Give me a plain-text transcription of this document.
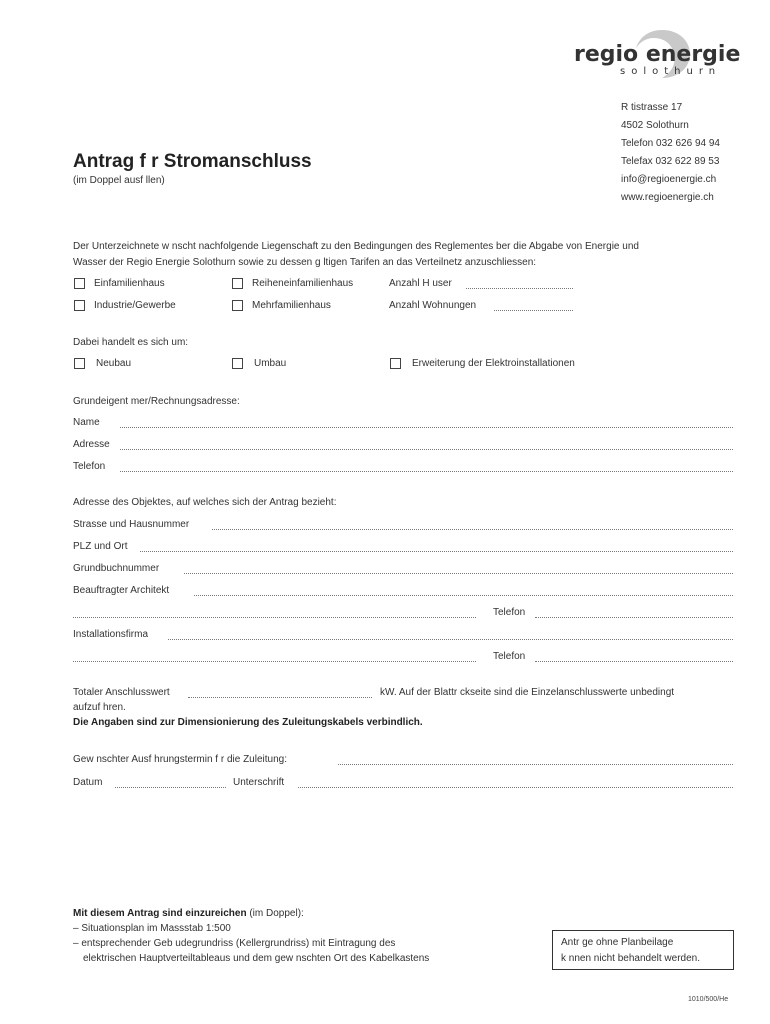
regio energie
solothurn
R tistrasse 17
4502 Solothurn
Telefon 032 626 94 94
Telefax 032 622 89 53
info@regioenergie.ch
www.regioenergie.ch
Antrag f r Stromanschluss
(im Doppel ausf llen)
Der Unterzeichnete w nscht nachfolgende Liegenschaft zu den Bedingungen des Reglementes ber die Abgabe von Energie und
Wasser der Regio Energie Solothurn sowie zu dessen g ltigen Tarifen an das Verteilnetz anzuschliessen:
Einfamilienhaus	Reiheneinfamilienhaus	Anzahl H user
Industrie/Gewerbe	Mehrfamilienhaus	Anzahl Wohnungen
Dabei handelt es sich um:
Neubau	Umbau	Erweiterung der Elektroinstallationen
Grundeigent mer/Rechnungsadresse:
Name
Adresse
Telefon
Adresse des Objektes, auf welches sich der Antrag bezieht:
Strasse und Hausnummer
PLZ und Ort
Grundbuchnummer
Beauftragter Architekt
Telefon
Installationsfirma
Telefon
Totaler Anschlusswert	kW. Auf der Blattr ckseite sind die Einzelanschlusswerte unbedingt
aufzuf hren.
Die Angaben sind zur Dimensionierung des Zuleitungskabels verbindlich.
Gew nschter Ausf hrungstermin f r die Zuleitung:
Datum	Unterschrift
Mit diesem Antrag sind einzureichen (im Doppel):
– Situationsplan im Massstab 1:500
– entsprechender Geb udegrundriss (Kellergrundriss) mit Eintragung des
elektrischen Hauptverteiltableaus und dem gew nschten Ort des Kabelkastens
Antr ge ohne Planbeilage
k nnen nicht behandelt werden.
1010/500/He
